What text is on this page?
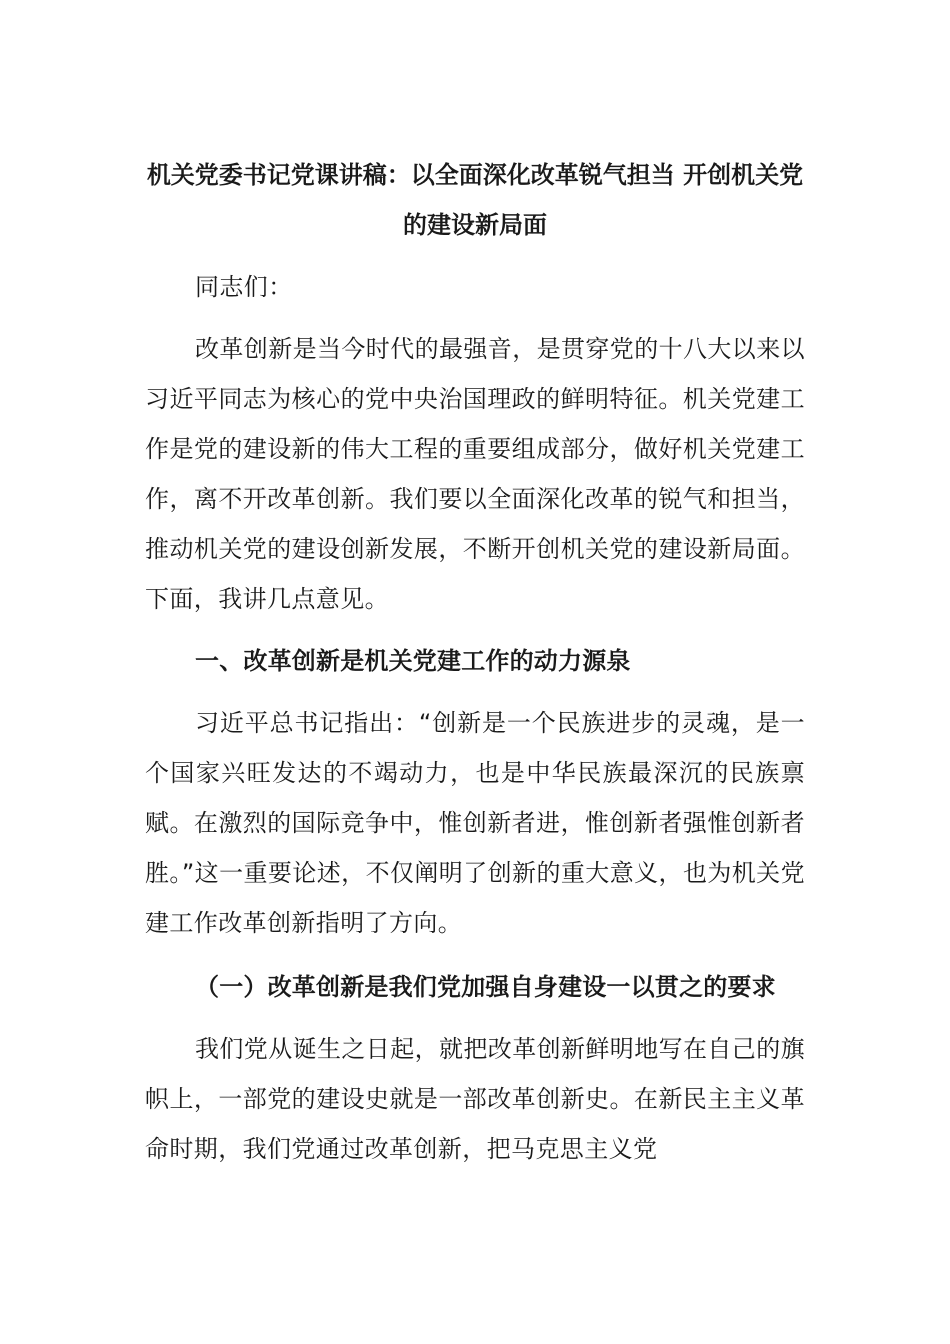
机关党委书记党课讲稿：以全面深化改革锐气担当 开创机关党的建设新局面

同志们：

改革创新是当今时代的最强音，是贯穿党的十八大以来以习近平同志为核心的党中央治国理政的鲜明特征。机关党建工作是党的建设新的伟大工程的重要组成部分，做好机关党建工作，离不开改革创新。我们要以全面深化改革的锐气和担当，推动机关党的建设创新发展，不断开创机关党的建设新局面。下面，我讲几点意见。

一、改革创新是机关党建工作的动力源泉

习近平总书记指出：“创新是一个民族进步的灵魂，是一个国家兴旺发达的不竭动力，也是中华民族最深沉的民族禀赋。在激烈的国际竞争中，惟创新者进，惟创新者强惟创新者胜。”这一重要论述，不仅阐明了创新的重大意义，也为机关党建工作改革创新指明了方向。

（一）改革创新是我们党加强自身建设一以贯之的要求

我们党从诞生之日起，就把改革创新鲜明地写在自己的旗帜上，一部党的建设史就是一部改革创新史。在新民主主义革命时期，我们党通过改革创新，把马克思主义党
